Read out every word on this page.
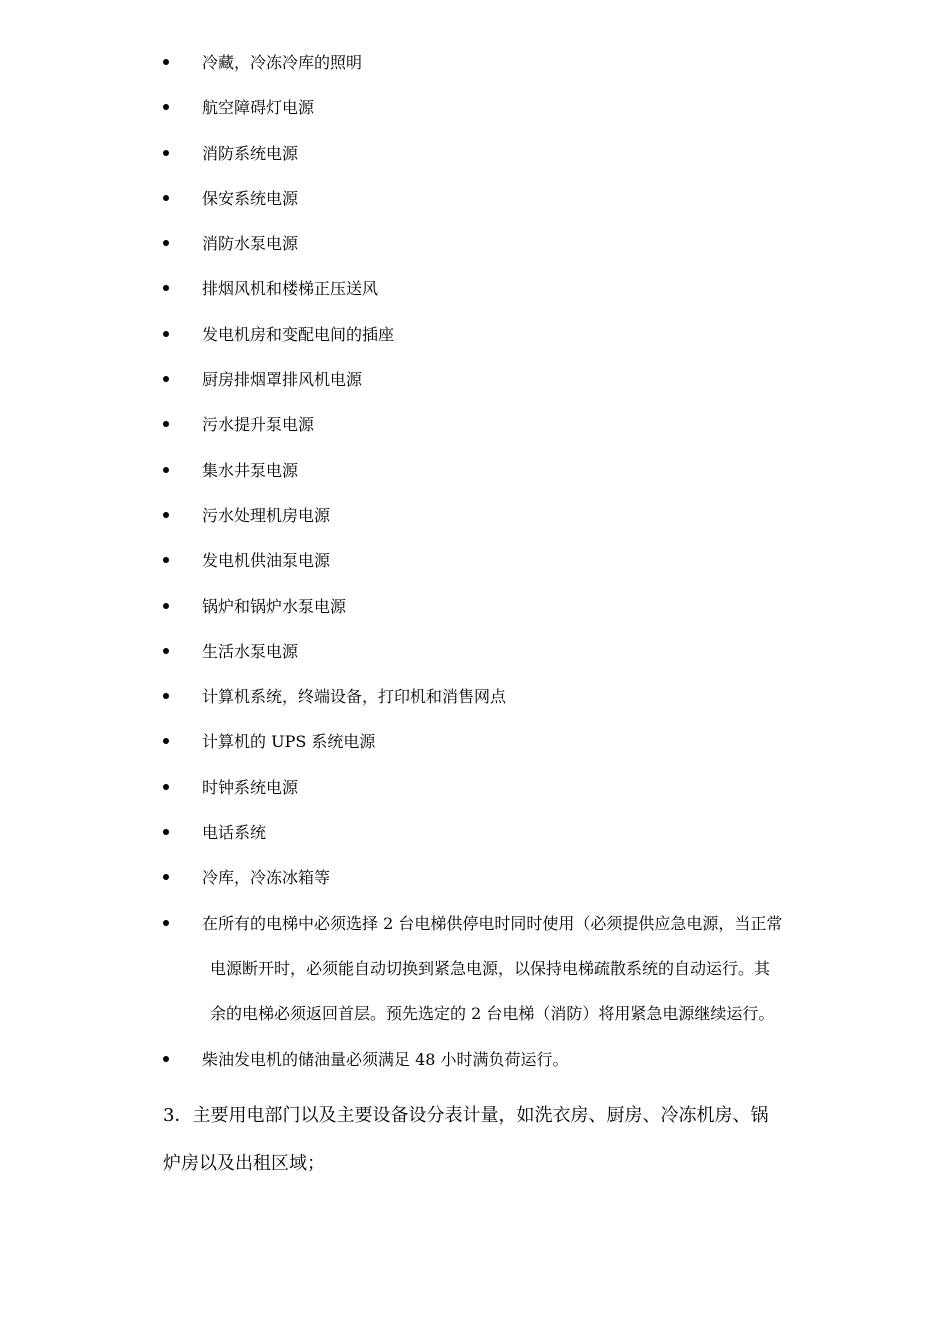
冷藏，冷冻冷库的照明
航空障碍灯电源
消防系统电源
保安系统电源
消防水泵电源
排烟风机和楼梯正压送风
发电机房和变配电间的插座
厨房排烟罩排风机电源
污水提升泵电源
集水井泵电源
污水处理机房电源
发电机供油泵电源
锅炉和锅炉水泵电源
生活水泵电源
计算机系统，终端设备，打印机和消售网点
计算机的 UPS 系统电源
时钟系统电源
电话系统
冷库，冷冻冰箱等
在所有的电梯中必须选择 2 台电梯供停电时同时使用（必须提供应急电源，当正常
电源断开时，必须能自动切换到紧急电源，以保持电梯疏散系统的自动运行。其
余的电梯必须返回首层。预先选定的 2 台电梯（消防）将用紧急电源继续运行。
柴油发电机的储油量必须满足 48 小时满负荷运行。

3．主要用电部门以及主要设备设分表计量，如洗衣房、厨房、冷冻机房、锅
炉房以及出租区域；
